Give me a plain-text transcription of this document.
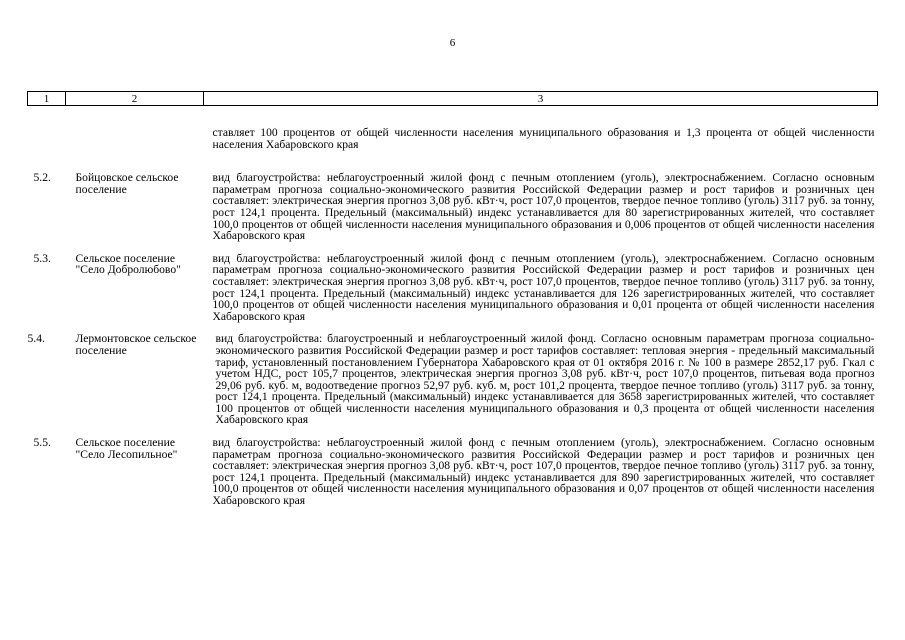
6
1	2	3
		ставляет 100 процентов от общей численности населения муниципального образования и 1,3 процента от общей численности населения Хабаровского края
5.2.	Бойцовское сельское поселение	вид благоустройства: неблагоустроенный жилой фонд с печным отоплением (уголь), электроснабжением. Согласно основным параметрам прогноза социально-экономического развития Российской Федерации размер и рост тарифов и розничных цен составляет: электрическая энергия прогноз 3,08 руб. кВт·ч, рост 107,0 процентов, твердое печное топливо (уголь) 3117 руб. за тонну, рост 124,1 процента. Предельный (максимальный) индекс устанавливается для 80 зарегистрированных жителей, что составляет 100,0 процентов от общей численности населения муниципального образования и 0,006 процентов от общей численности населения Хабаровского края
5.3.	Сельское поселение "Село Добролюбово"	вид благоустройства: неблагоустроенный жилой фонд с печным отоплением (уголь), электроснабжением. Согласно основным параметрам прогноза социально-экономического развития Российской Федерации размер и рост тарифов и розничных цен составляет: электрическая энергия прогноз 3,08 руб. кВт·ч, рост 107,0 процентов, твердое печное топливо (уголь) 3117 руб. за тонну, рост 124,1 процента. Предельный (максимальный) индекс устанавливается для 126 зарегистрированных жителей, что составляет 100,0 процентов от общей численности населения муниципального образования и 0,01 процента от общей численности населения Хабаровского края
5.4.	Лермонтовское сельское поселение	вид благоустройства: благоустроенный и неблагоустроенный жилой фонд. Согласно основным параметрам прогноза социально-экономического развития Российской Федерации размер и рост тарифов составляет: тепловая энергия - предельный максимальный тариф, установленный постановлением Губернатора Хабаровского края от 01 октября 2016 г. № 100 в размере 2852,17 руб. Гкал с учетом НДС, рост 105,7 процентов, электрическая энергия прогноз 3,08 руб. кВт·ч, рост 107,0 процентов, питьевая вода прогноз 29,06 руб. куб. м, водоотведение прогноз 52,97 руб. куб. м, рост 101,2 процента, твердое печное топливо (уголь) 3117 руб. за тонну, рост 124,1 процента. Предельный (максимальный) индекс устанавливается для 3658 зарегистрированных жителей, что составляет 100 процентов от общей численности населения муниципального образования и 0,3 процента от общей численности населения Хабаровского края
5.5.	Сельское поселение "Село Лесопильное"	вид благоустройства: неблагоустроенный жилой фонд с печным отоплением (уголь), электроснабжением. Согласно основным параметрам прогноза социально-экономического развития Российской Федерации размер и рост тарифов и розничных цен составляет: электрическая энергия прогноз 3,08 руб. кВт·ч, рост 107,0 процентов, твердое печное топливо (уголь) 3117 руб. за тонну, рост 124,1 процента. Предельный (максимальный) индекс устанавливается для 890 зарегистрированных жителей, что составляет 100,0 процентов от общей численности населения муниципального образования и 0,07 процентов от общей численности населения Хабаровского края
